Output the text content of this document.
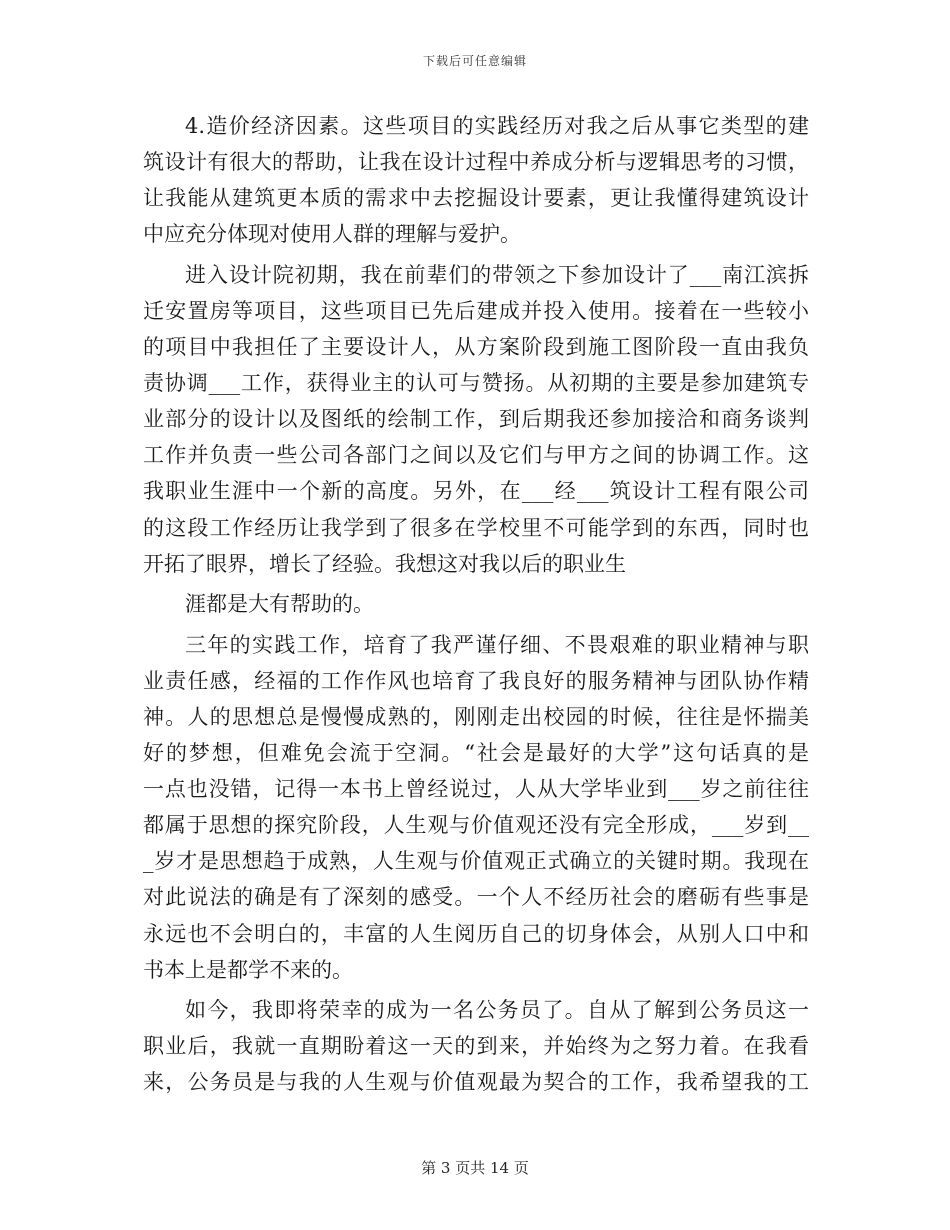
下载后可任意编辑
4.造价经济因素。这些项目的实践经历对我之后从事它类型的建
筑设计有很大的帮助，让我在设计过程中养成分析与逻辑思考的习惯，
让我能从建筑更本质的需求中去挖掘设计要素，更让我懂得建筑设计
中应充分体现对使用人群的理解与爱护。
进入设计院初期，我在前辈们的带领之下参加设计了___南江滨拆
迁安置房等项目，这些项目已先后建成并投入使用。接着在一些较小
的项目中我担任了主要设计人，从方案阶段到施工图阶段一直由我负
责协调___工作，获得业主的认可与赞扬。从初期的主要是参加建筑专
业部分的设计以及图纸的绘制工作，到后期我还参加接洽和商务谈判
工作并负责一些公司各部门之间以及它们与甲方之间的协调工作。这
我职业生涯中一个新的高度。另外，在___经___筑设计工程有限公司
的这段工作经历让我学到了很多在学校里不可能学到的东西，同时也
开拓了眼界，增长了经验。我想这对我以后的职业生
涯都是大有帮助的。
三年的实践工作，培育了我严谨仔细、不畏艰难的职业精神与职
业责任感，经福的工作作风也培育了我良好的服务精神与团队协作精
神。人的思想总是慢慢成熟的，刚刚走出校园的时候，往往是怀揣美
好的梦想，但难免会流于空洞。“社会是最好的大学”这句话真的是
一点也没错，记得一本书上曾经说过，人从大学毕业到___岁之前往往
都属于思想的探究阶段，人生观与价值观还没有完全形成，___岁到__
_岁才是思想趋于成熟，人生观与价值观正式确立的关键时期。我现在
对此说法的确是有了深刻的感受。一个人不经历社会的磨砺有些事是
永远也不会明白的，丰富的人生阅历自己的切身体会，从别人口中和
书本上是都学不来的。
如今，我即将荣幸的成为一名公务员了。自从了解到公务员这一
职业后，我就一直期盼着这一天的到来，并始终为之努力着。在我看
来，公务员是与我的人生观与价值观最为契合的工作，我希望我的工
第 3 页共 14 页
